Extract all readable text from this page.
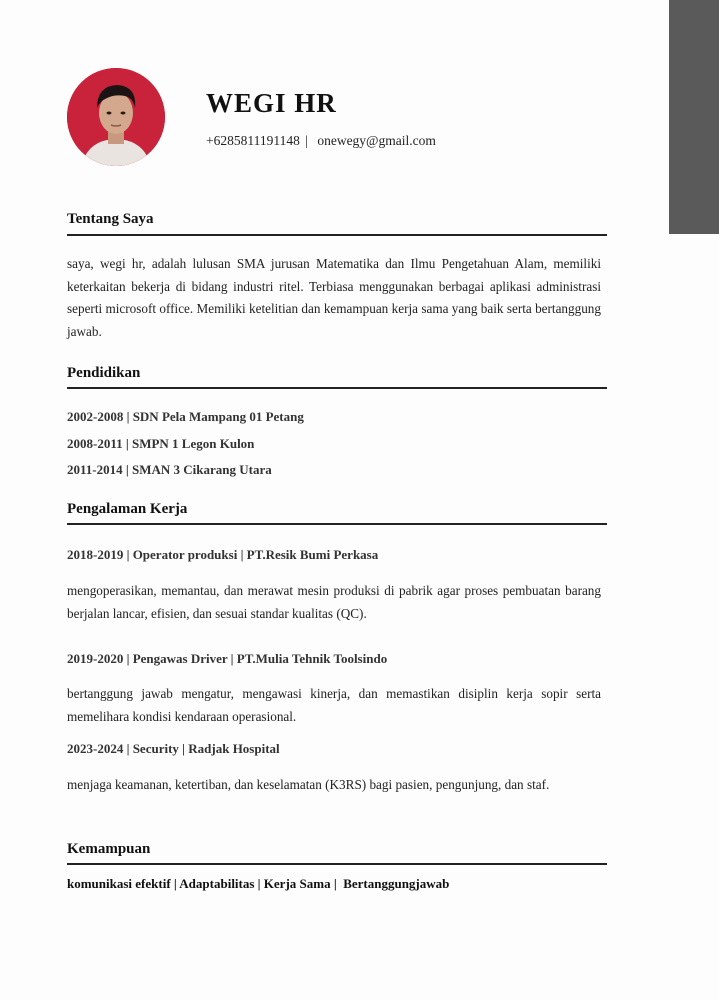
WEGI HR
+6285811191148 | onewegy@gmail.com
Tentang Saya

saya, wegi hr, adalah lulusan SMA jurusan Matematika dan Ilmu Pengetahuan Alam, memiliki keterkaitan bekerja di bidang industri ritel. Terbiasa menggunakan berbagai aplikasi administrasi seperti microsoft office. Memiliki ketelitian dan kemampuan kerja sama yang baik serta bertanggung jawab.

Pendidikan

2002-2008 | SDN Pela Mampang 01 Petang

2008-2011 | SMPN 1 Legon Kulon

2011-2014 | SMAN 3 Cikarang Utara

Pengalaman Kerja

2018-2019 | Operator produksi | PT.Resik Bumi Perkasa

mengoperasikan, memantau, dan merawat mesin produksi di pabrik agar proses pembuatan barang berjalan lancar, efisien, dan sesuai standar kualitas (QC).

2019-2020 | Pengawas Driver | PT.Mulia Tehnik Toolsindo

bertanggung jawab mengatur, mengawasi kinerja, dan memastikan disiplin kerja sopir serta memelihara kondisi kendaraan operasional.

2023-2024 | Security | Radjak Hospital

menjaga keamanan, ketertiban, dan keselamatan (K3RS) bagi pasien, pengunjung, dan staf.

Kemampuan

komunikasi efektif | Adaptabilitas | Kerja Sama |  Bertanggungjawab
